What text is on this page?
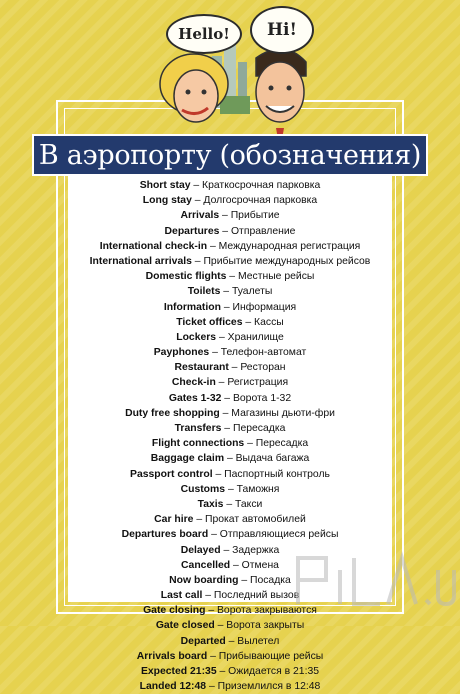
Hello! Hi!
В аэропорту (обозначения)
Short stay – Краткосрочная парковка
Long stay – Долгосрочная парковка
Arrivals – Прибытие
Departures – Отправление
International check-in – Международная регистрация
International arrivals – Прибытие международных рейсов
Domestic flights – Местные рейсы
Toilets – Туалеты
Information – Информация
Ticket offices – Кассы
Lockers – Хранилище
Payphones – Телефон-автомат
Restaurant – Ресторан
Check-in – Регистрация
Gates 1-32 – Ворота 1-32
Duty free shopping – Магазины дьюти-фри
Transfers – Пересадка
Flight connections – Пересадка
Baggage claim – Выдача багажа
Passport control – Паспортный контроль
Customs – Таможня
Taxis – Такси
Car hire – Прокат автомобилей
Departures board – Отправляющиеся рейсы
Delayed – Задержка
Cancelled – Отмена
Now boarding – Посадка
Last call – Последний вызов
Gate closing – Ворота закрываются
Gate closed – Ворота закрыты
Departed – Вылетел
Arrivals board – Прибывающие рейсы
Expected 21:35 – Ожидается в 21:35
Landed 12:48 – Приземлился в 12:48
